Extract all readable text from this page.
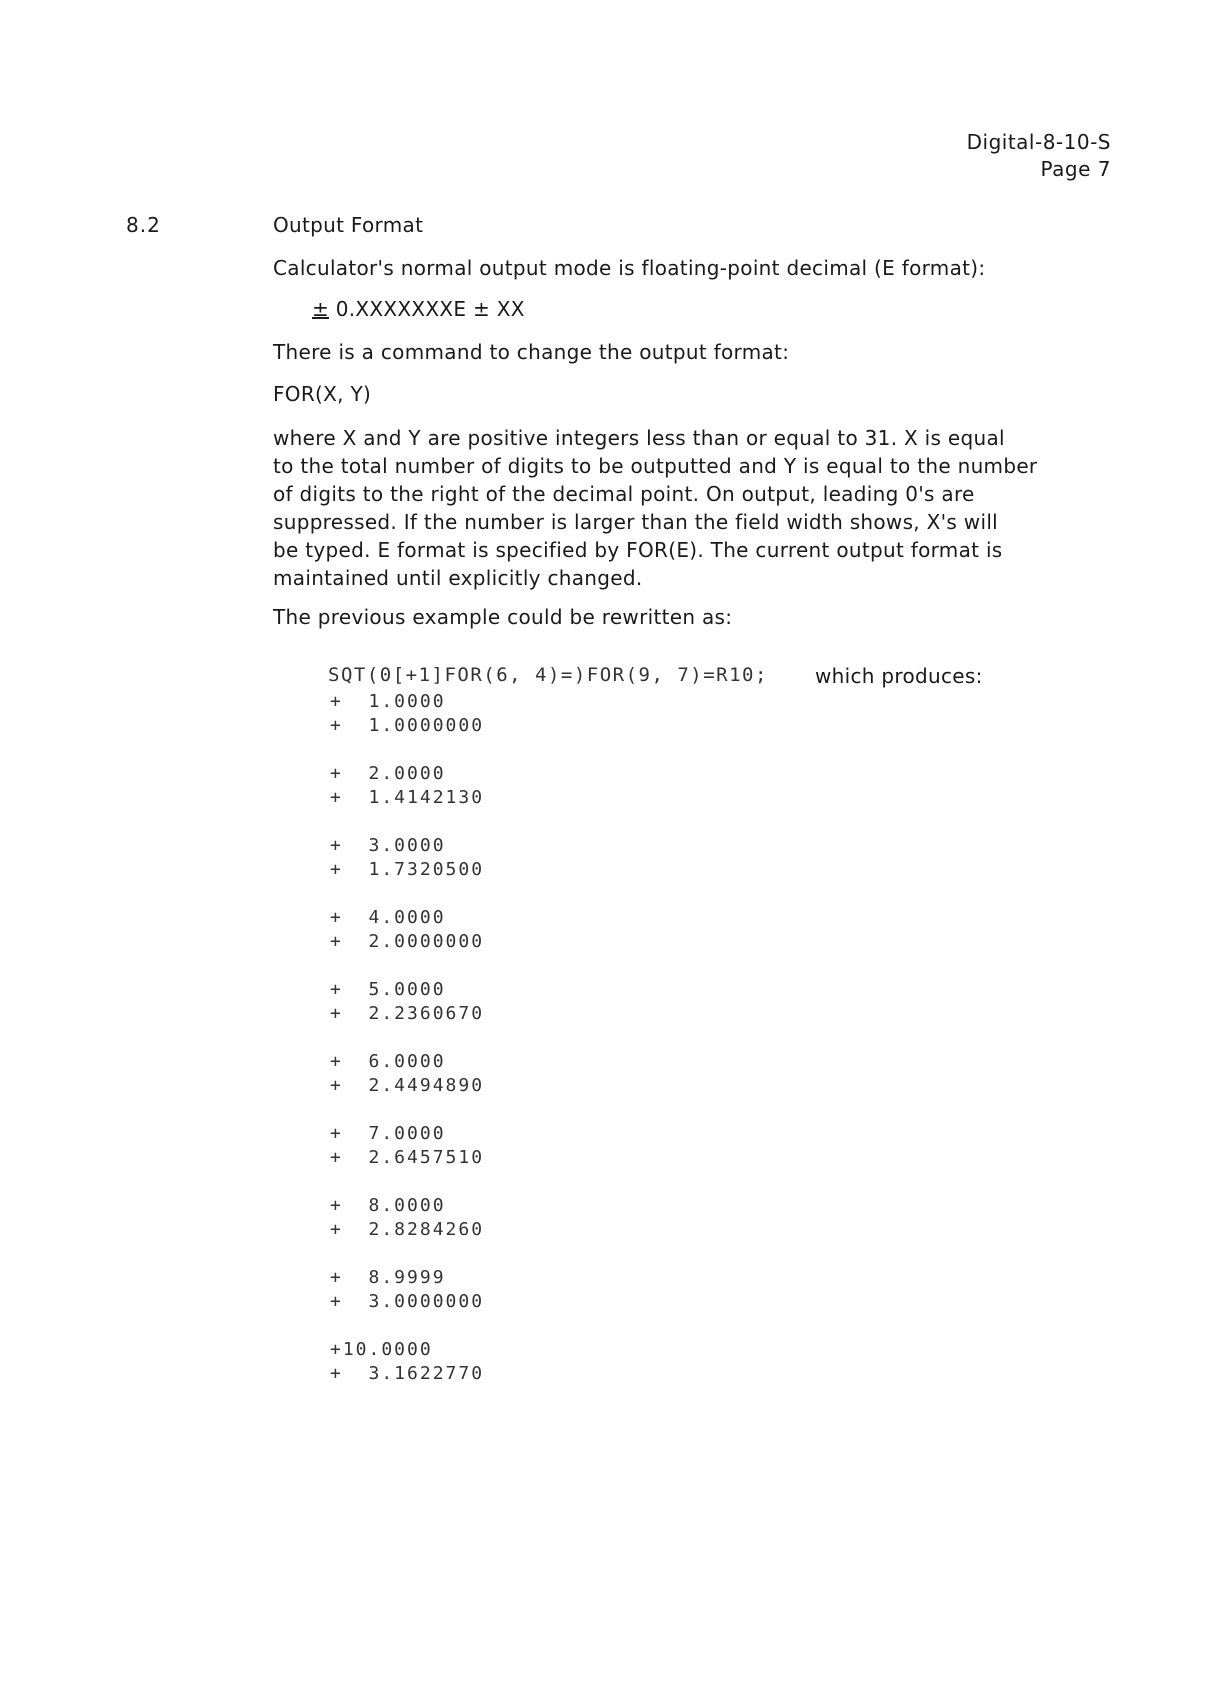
Digital-8-10-S
Page 7
8.2	Output Format
Calculator's normal output mode is floating-point decimal (E format):
± 0.XXXXXXXE ± XX
There is a command to change the output format:
FOR(X, Y)
where X and Y are positive integers less than or equal to 31. X is equal
to the total number of digits to be outputted and Y is equal to the number
of digits to the right of the decimal point. On output, leading 0's are
suppressed. If the number is larger than the field width shows, X's will
be typed. E format is specified by FOR(E). The current output format is
maintained until explicitly changed.
The previous example could be rewritten as:
SQT(0[+1]FOR(6, 4)=)FOR(9, 7)=R10; which produces:
+  1.0000
+  1.0000000
+  2.0000
+  1.4142130
+  3.0000
+  1.7320500
+  4.0000
+  2.0000000
+  5.0000
+  2.2360670
+  6.0000
+  2.4494890
+  7.0000
+  2.6457510
+  8.0000
+  2.8284260
+  8.9999
+  3.0000000
+10.0000
+  3.1622770
